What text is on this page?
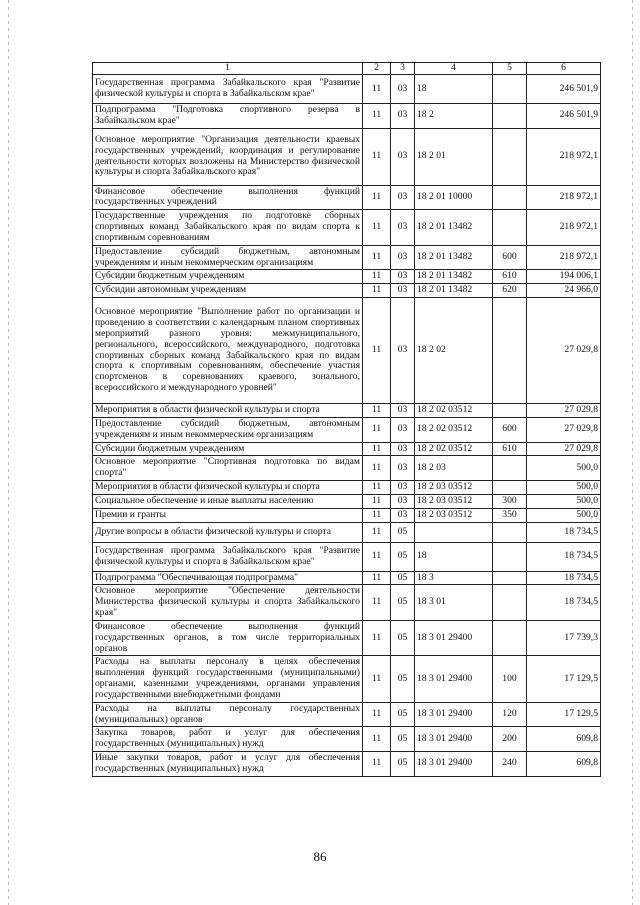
1	2	3	4	5	6
Государственная программа Забайкальского края "Развитие физической культуры и спорта в Забайкальском крае"	11	03	18		246 501,9
Подпрограмма "Подготовка спортивного резерва в Забайкальском крае"	11	03	18 2		246 501,9
Основное мероприятие "Организация деятельности краевых государственных учреждений, координация и регулирование деятельности которых возложены на Министерство физической культуры и спорта Забайкальского края"	11	03	18 2 01		218 972,1
Финансовое обеспечение выполнения функций государственных учреждений	11	03	18 2 01 10000		218 972,1
Государственные учреждения по подготовке сборных спортивных команд Забайкальского края по видам спорта к спортивным соревнованиям	11	03	18 2 01 13482		218 972,1
Предоставление субсидий бюджетным, автономным учреждениям и иным некоммерческим организациям	11	03	18 2 01 13482	600	218 972,1
Субсидии бюджетным учреждениям	11	03	18 2 01 13482	610	194 006,1
Субсидии автономным учреждениям	11	03	18 2 01 13482	620	24 966,0
Основное мероприятие "Выполнение работ по организации и проведению в соответствии с календарным планом спортивных мероприятий разного уровня: межмуниципального, регионального, всероссийского, международного, подготовка спортивных сборных команд Забайкальского края по видам спорта к спортивным соревнованиям, обеспечение участия спортсменов в соревнованиях краевого, зонального, всероссийского и международного уровней"	11	03	18 2 02		27 029,8
Мероприятия в области физической культуры и спорта	11	03	18 2 02 03512		27 029,8
Предоставление субсидий бюджетным, автономным учреждениям и иным некоммерческим организациям	11	03	18 2 02 03512	600	27 029,8
Субсидии бюджетным учреждениям	11	03	18 2 02 03512	610	27 029,8
Основное мероприятие "Спортивная подготовка по видам спорта"	11	03	18 2 03		500,0
Мероприятия в области физической культуры и спорта	11	03	18 2 03 03512		500,0
Социальное обеспечение и иные выплаты населению	11	03	18 2 03 03512	300	500,0
Премии и гранты	11	03	18 2 03 03512	350	500,0
Другие вопросы в области физической культуры и спорта	11	05			18 734,5
Государственная программа Забайкальского края "Развитие физической культуры и спорта в Забайкальском крае"	11	05	18		18 734,5
Подпрограмма "Обеспечивающая подпрограмма"	11	05	18 3		18 734,5
Основное мероприятие "Обеспечение деятельности Министерства физической культуры и спорта Забайкальского края"	11	05	18 3 01		18 734,5
Финансовое обеспечение выполнения функций государственных органов, в том числе территориальных органов	11	05	18 3 01 29400		17 739,3
Расходы на выплаты персоналу в целях обеспечения выполнения функций государственными (муниципальными) органами, казенными учреждениями, органами управления государственными внебюджетными фондами	11	05	18 3 01 29400	100	17 129,5
Расходы на выплаты персоналу государственных (муниципальных) органов	11	05	18 3 01 29400	120	17 129,5
Закупка товаров, работ и услуг для обеспечения государственных (муниципальных) нужд	11	05	18 3 01 29400	200	609,8
Иные закупки товаров, работ и услуг для обеспечения государственных (муниципальных) нужд	11	05	18 3 01 29400	240	609,8
86
